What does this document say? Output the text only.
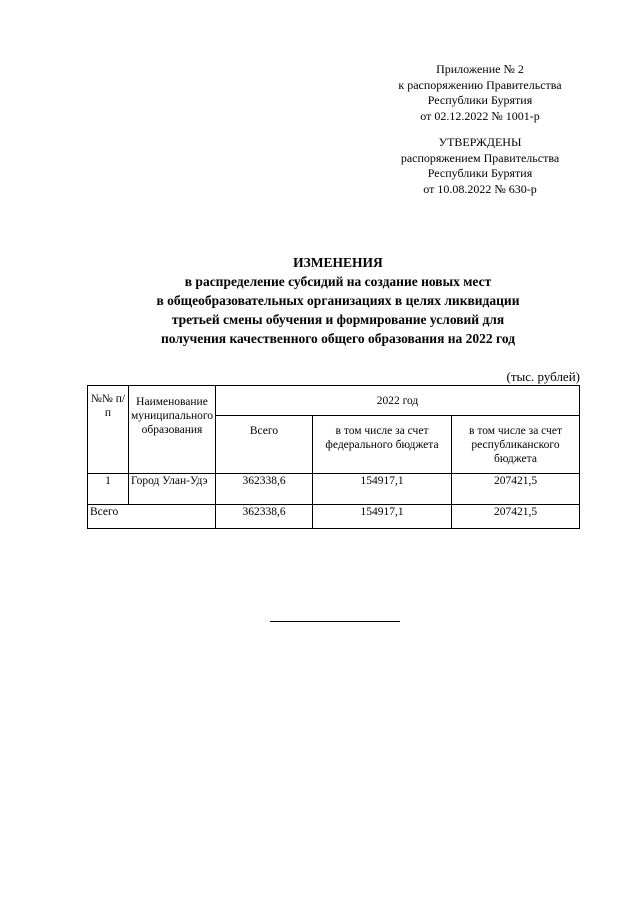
Приложение № 2
к распоряжению Правительства
Республики Бурятия
от 02.12.2022 № 1001-р
УТВЕРЖДЕНЫ
распоряжением Правительства
Республики Бурятия
от 10.08.2022 № 630-р
ИЗМЕНЕНИЯ
в распределение субсидий на создание новых мест
в общеобразовательных организациях в целях ликвидации
третьей смены обучения и формирование условий для
получения качественного общего образования на 2022 год
(тыс. рублей)
№№ п/п	Наименование муниципального образования	2022 год		
		Всего	в том числе за счет федерального бюджета	в том числе за счет республиканского бюджета
1	Город Улан-Удэ	362338,6	154917,1	207421,5
Всего		362338,6	154917,1	207421,5
